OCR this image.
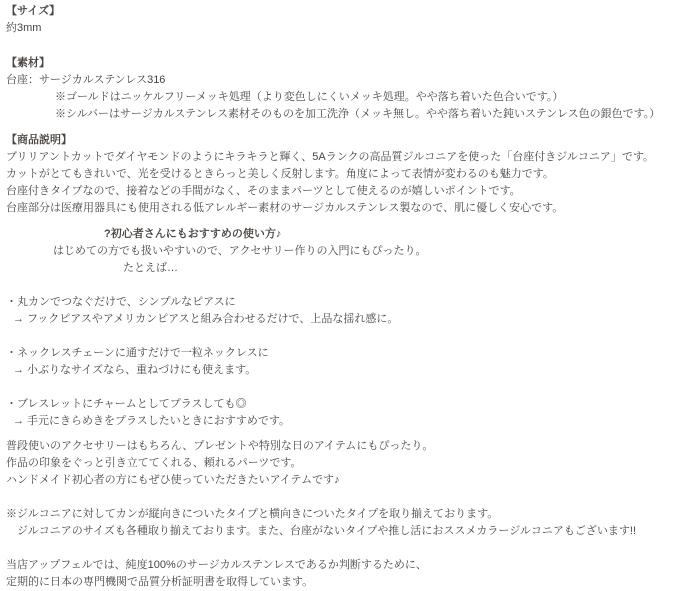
【サイズ】
約3mm
【素材】
台座：サージカルステンレス316
※ゴールドはニッケルフリーメッキ処理（より変色しにくいメッキ処理。やや落ち着いた色合いです。）
※シルバーはサージカルステンレス素材そのものを加工洗浄（メッキ無し。やや落ち着いた鈍いステンレス色の銀色です。）
【商品説明】
ブリリアントカットでダイヤモンドのようにキラキラと輝く、5Aランクの高品質ジルコニアを使った「台座付きジルコニア」です。
カットがとてもきれいで、光を受けるときらっと美しく反射します。角度によって表情が変わるのも魅力です。
台座付きタイプなので、接着などの手間がなく、そのままパーツとして使えるのが嬉しいポイントです。
台座部分は医療用器具にも使用される低アレルギー素材のサージカルステンレス製なので、肌に優しく安心です。
?初心者さんにもおすすめの使い方♪
はじめての方でも扱いやすいので、アクセサリー作りの入門にもぴったり。
たとえば…
・丸カンでつなぐだけで、シンプルなピアスに
→ フックピアスやアメリカンピアスと組み合わせるだけで、上品な揺れ感に。
・ネックレスチェーンに通すだけで一粒ネックレスに
→ 小ぶりなサイズなら、重ねづけにも使えます。
・ブレスレットにチャームとしてプラスしても◎
→ 手元にきらめきをプラスしたいときにおすすめです。
普段使いのアクセサリーはもちろん、プレゼントや特別な日のアイテムにもぴったり。
作品の印象をぐっと引き立ててくれる、頼れるパーツです。
ハンドメイド初心者の方にもぜひ使っていただきたいアイテムです♪
※ジルコニアに対してカンが縦向きについたタイプと横向きについたタイプを取り揃えております。
ジルコニアのサイズも各種取り揃えております。また、台座がないタイプや推し活におススメカラージルコニアもございます!!
当店アップフェルでは、純度100%のサージカルステンレスであるか判断するために、
定期的に日本の専門機関で品質分析証明書を取得しています。
